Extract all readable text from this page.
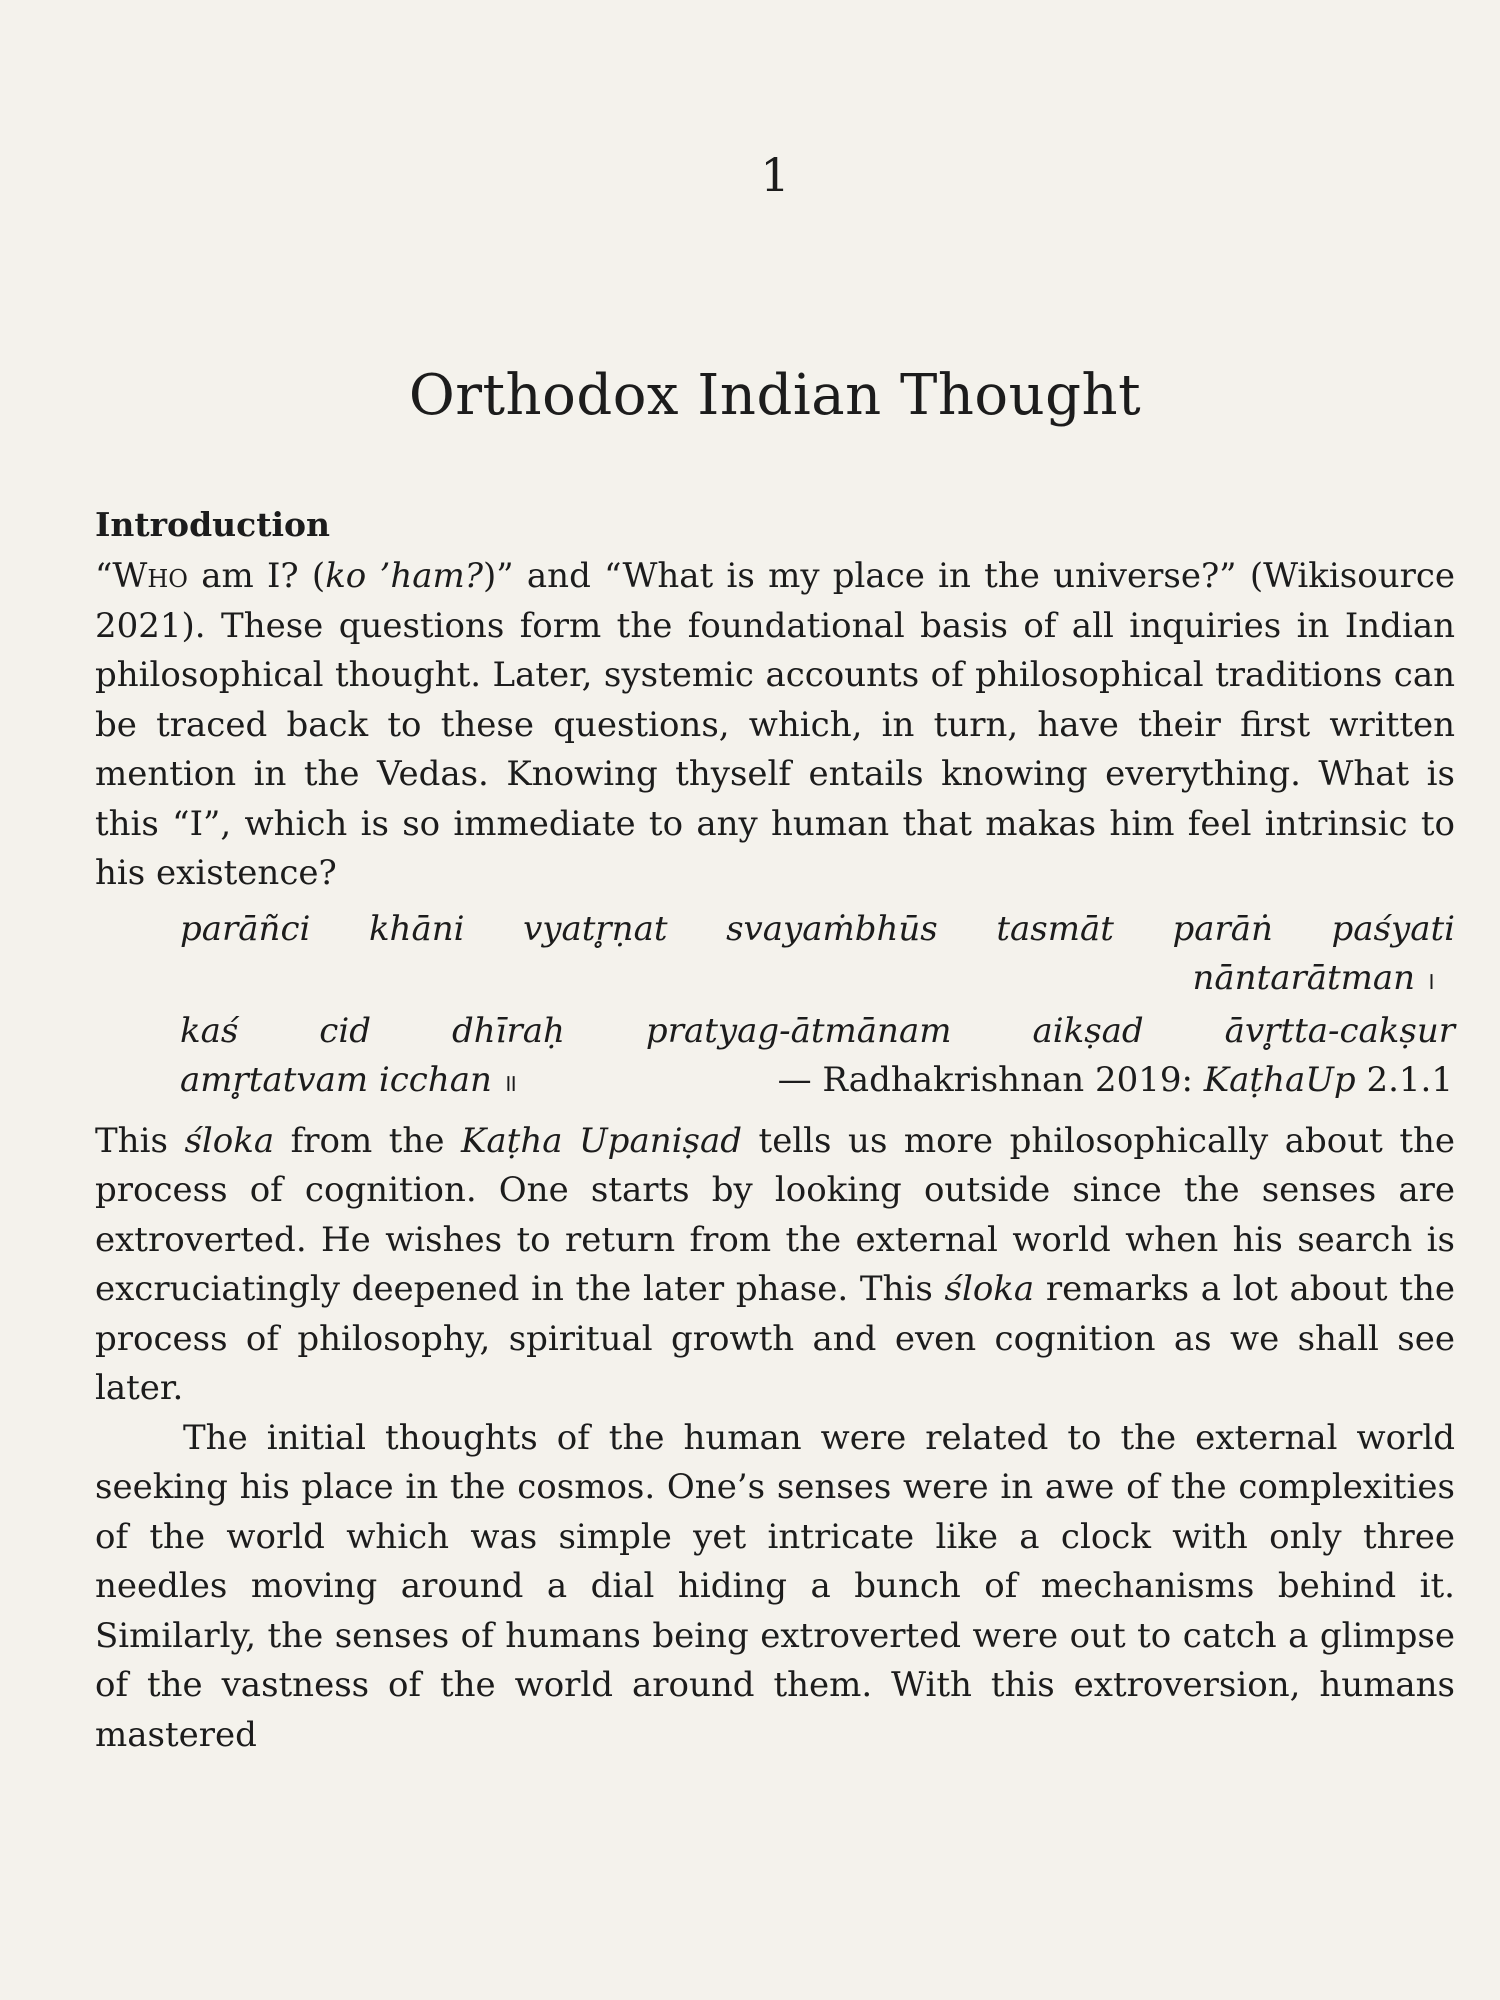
1
Orthodox Indian Thought
Introduction

“Who am I? (ko ’ham?)” and “What is my place in the universe?” (Wikisource 2021). These questions form the foundational basis of all inquiries in Indian philosophical thought. Later, systemic accounts of philosophical traditions can be traced back to these questions, which, in turn, have their first written mention in the Vedas. Knowing thyself entails knowing everything. What is this “I”, which is so immediate to any human that makas him feel intrinsic to his existence?

parāñci khāni vyatr̥ṇat svayaṁbhūs tasmāt parāṅ paśyati
nāntarātman ।
kaś cid dhīraḥ pratyag-ātmānam aikṣad āvr̥tta-cakṣur
amr̥tatvam icchan ॥	— Radhakrishnan 2019: KaṭhaUp 2.1.1

This śloka from the Kaṭha Upaniṣad tells us more philosophically about the process of cognition. One starts by looking outside since the senses are extroverted. He wishes to return from the external world when his search is excruciatingly deepened in the later phase. This śloka remarks a lot about the process of philosophy, spiritual growth and even cognition as we shall see later.

The initial thoughts of the human were related to the external world seeking his place in the cosmos. One’s senses were in awe of the complexities of the world which was simple yet intricate like a clock with only three needles moving around a dial hiding a bunch of mechanisms behind it. Similarly, the senses of humans being extroverted were out to catch a glimpse of the vastness of the world around them. With this extroversion, humans mastered
